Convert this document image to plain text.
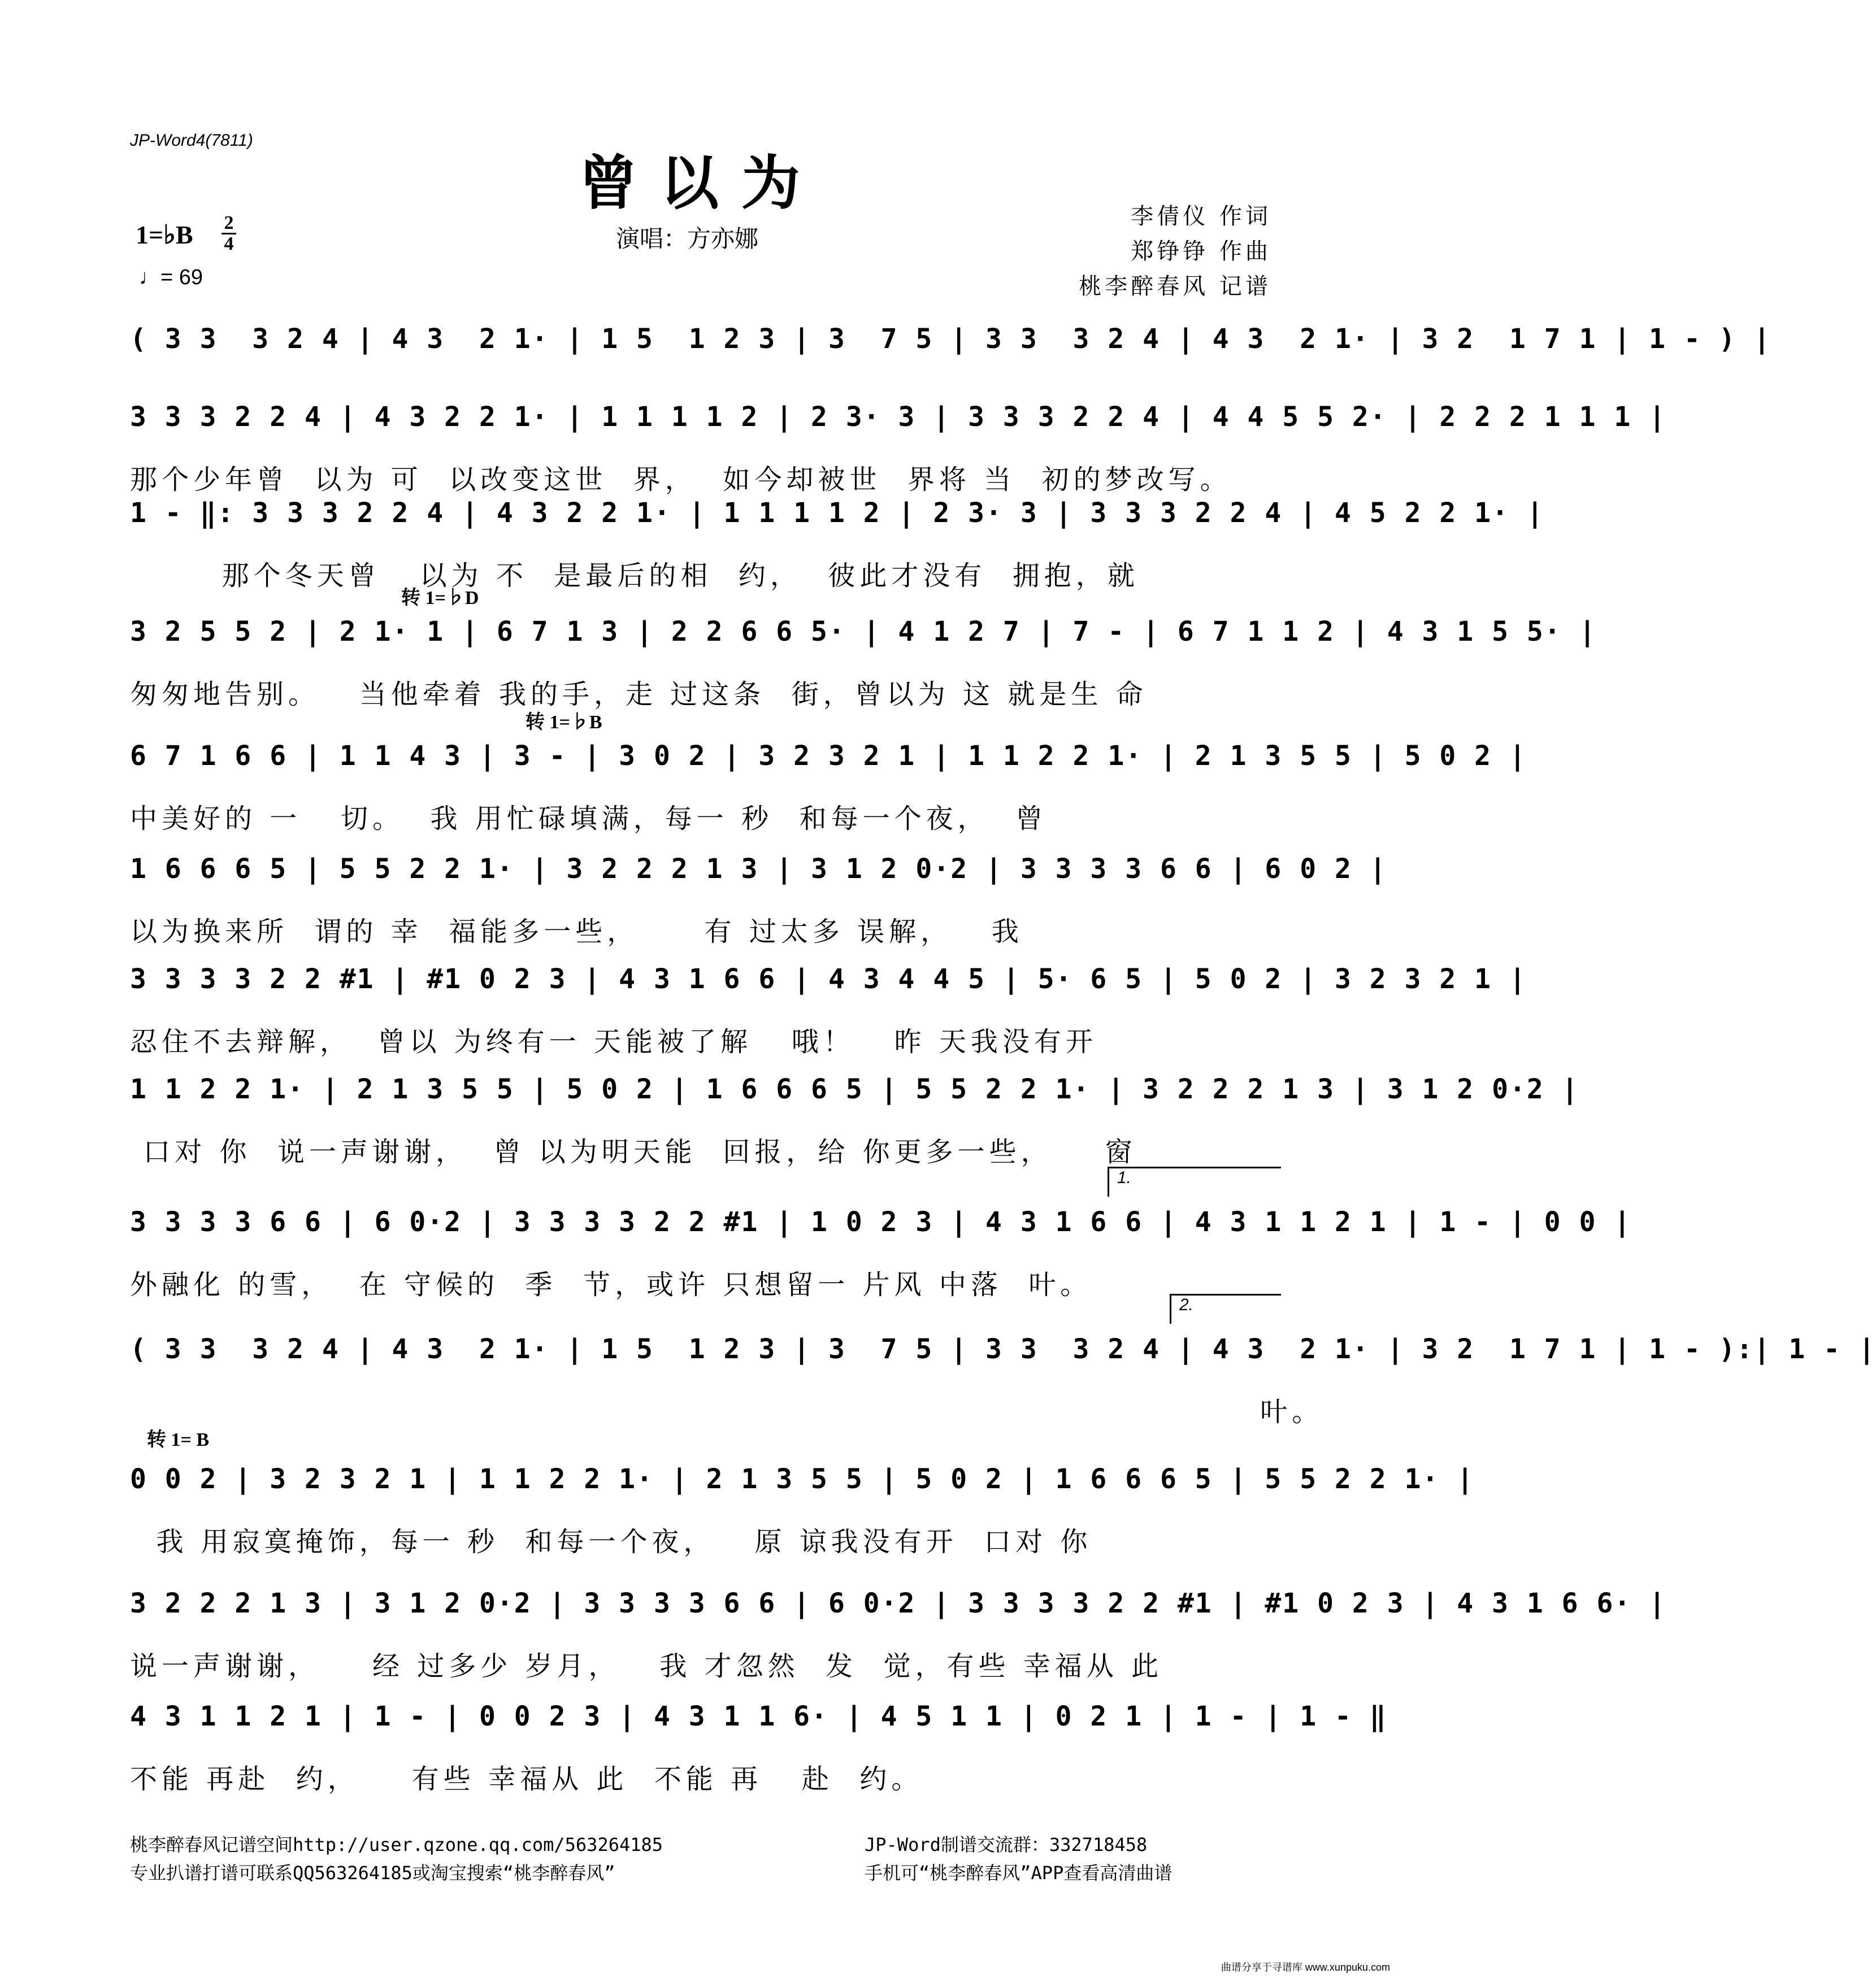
JP-Word4(7811)
曾以为
1=♭B 2
4
♩= 69
演唱：方亦娜
李倩仪 作词
郑铮铮 作曲
桃李醉春风 记谱
( 3 3  3 2 4 | 4 3  2 1· | 1 5  1 2 3 | 3  7 5 | 3 3  3 2 4 | 4 3  2 1· | 3 2  1 7 1 | 1 - ) |
3 3 3 2 2 4 | 4 3 2 2 1· | 1 1 1 1 2 | 2 3· 3 | 3 3 3 2 2 4 | 4 4 5 5 2· | 2 2 2 1 1 1 |
那个少年曾  以为 可  以改变这世  界，  如今却被世  界将 当  初的梦改写。
1 - ‖: 3 3 3 2 2 4 | 4 3 2 2 1· | 1 1 1 1 2 | 2 3· 3 | 3 3 3 2 2 4 | 4 5 2 2 1· |
那个冬天曾   以为 不  是最后的相  约，  彼此才没有  拥抱，就
转 1=♭D
3 2 5 5 2 | 2 1· 1 | 6 7 1 3 | 2 2 6 6 5· | 4 1 2 7 | 7 - | 6 7 1 1 2 | 4 3 1 5 5· |
匆匆地告别。   当他牵着 我的手，走 过这条  街，曾以为 这 就是生 命
转 1=♭B
6 7 1 6 6 | 1 1 4 3 | 3 - | 3 0 2 | 3 2 3 2 1 | 1 1 2 2 1· | 2 1 3 5 5 | 5 0 2 |
中美好的 一   切。  我 用忙碌填满，每一 秒  和每一个夜，  曾
1 6 6 6 5 | 5 5 2 2 1· | 3 2 2 2 1 3 | 3 1 2 0·2 | 3 3 3 3 6 6 | 6 0 2 |
以为换来所  谓的 幸  福能多一些，     有 过太多 误解，   我
3 3 3 3 2 2 #1 | #1 0 2 3 | 4 3 1 6 6 | 4 3 4 4 5 | 5· 6 5 | 5 0 2 | 3 2 3 2 1 |
忍住不去辩解，  曾以 为终有一 天能被了解   哦！   昨 天我没有开
1 1 2 2 1· | 2 1 3 5 5 | 5 0 2 | 1 6 6 6 5 | 5 5 2 2 1· | 3 2 2 2 1 3 | 3 1 2 0·2 |
口对 你  说一声谢谢，  曾 以为明天能  回报，给 你更多一些，    窗
1.
3 3 3 3 6 6 | 6 0·2 | 3 3 3 3 2 2 #1 | 1 0 2 3 | 4 3 1 6 6 | 4 3 1 1 2 1 | 1 - | 0 0 |
外融化 的雪，  在 守候的  季  节，或许 只想留一 片风 中落  叶。
2.
( 3 3  3 2 4 | 4 3  2 1· | 1 5  1 2 3 | 3  7 5 | 3 3  3 2 4 | 4 3  2 1· | 3 2  1 7 1 | 1 - ):| 1 - |
叶。
转 1= B
0 0 2 | 3 2 3 2 1 | 1 1 2 2 1· | 2 1 3 5 5 | 5 0 2 | 1 6 6 6 5 | 5 5 2 2 1· |
我 用寂寞掩饰，每一 秒  和每一个夜，   原 谅我没有开  口对 你
3 2 2 2 1 3 | 3 1 2 0·2 | 3 3 3 3 6 6 | 6 0·2 | 3 3 3 3 2 2 #1 | #1 0 2 3 | 4 3 1 6 6· |
说一声谢谢，    经 过多少 岁月，   我 才忽然  发  觉，有些 幸福从 此
4 3 1 1 2 1 | 1 - | 0 0 2 3 | 4 3 1 1 6· | 4 5 1 1 | 0 2 1 | 1 - | 1 - ‖
不能 再赴  约，    有些 幸福从 此  不能 再   赴  约。
桃李醉春风记谱空间http://user.qzone.qq.com/563264185
专业扒谱打谱可联系QQ563264185或淘宝搜索“桃李醉春风”
JP-Word制谱交流群：332718458
手机可“桃李醉春风”APP查看高清曲谱
曲谱分享于寻谱库 www.xunpuku.com
